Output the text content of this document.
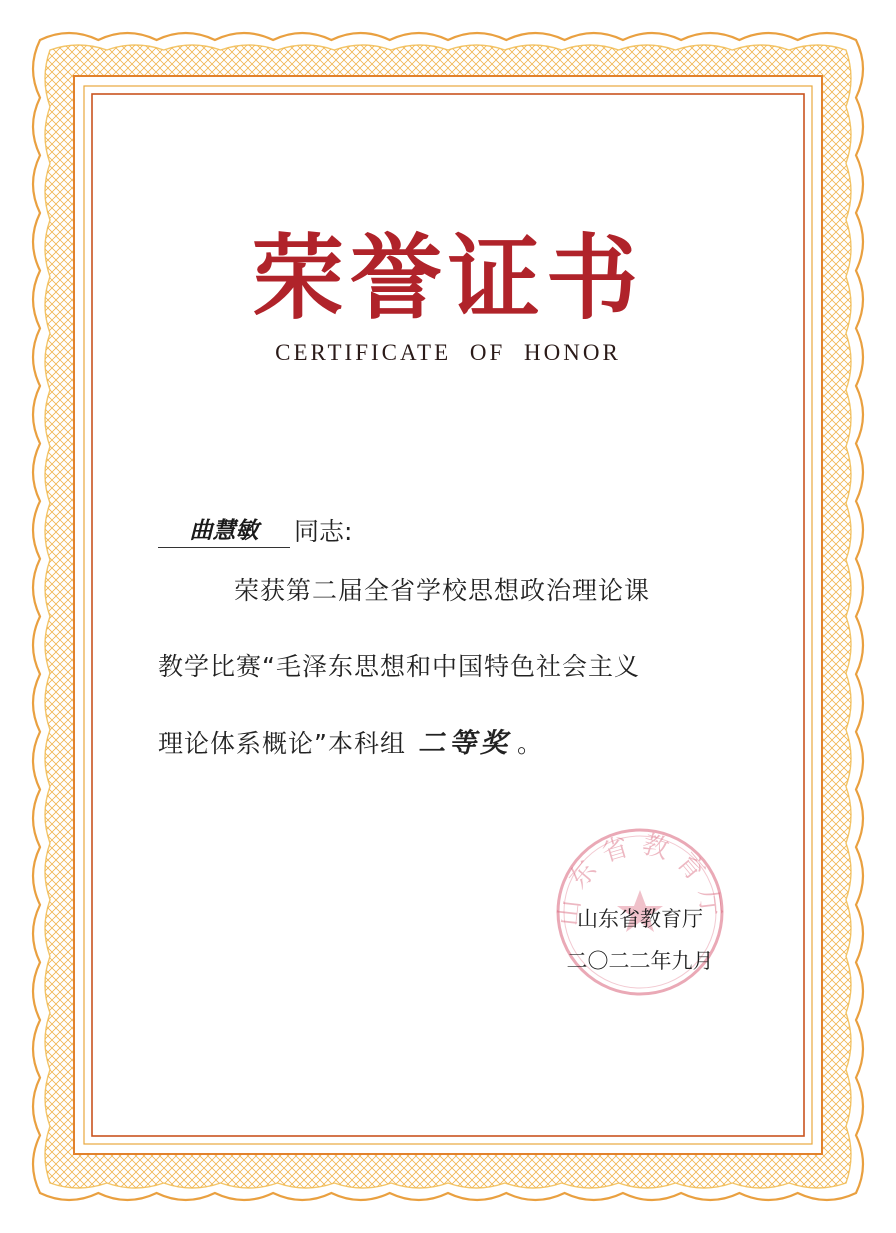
荣誉证书
CERTIFICATE OF HONOR
曲慧敏	同志:
荣获第二届全省学校思想政治理论课
教学比赛“毛泽东思想和中国特色社会主义
理论体系概论”本科组 二等奖 。
山东省教育厅
山东省教育厅
二〇二二年九月
